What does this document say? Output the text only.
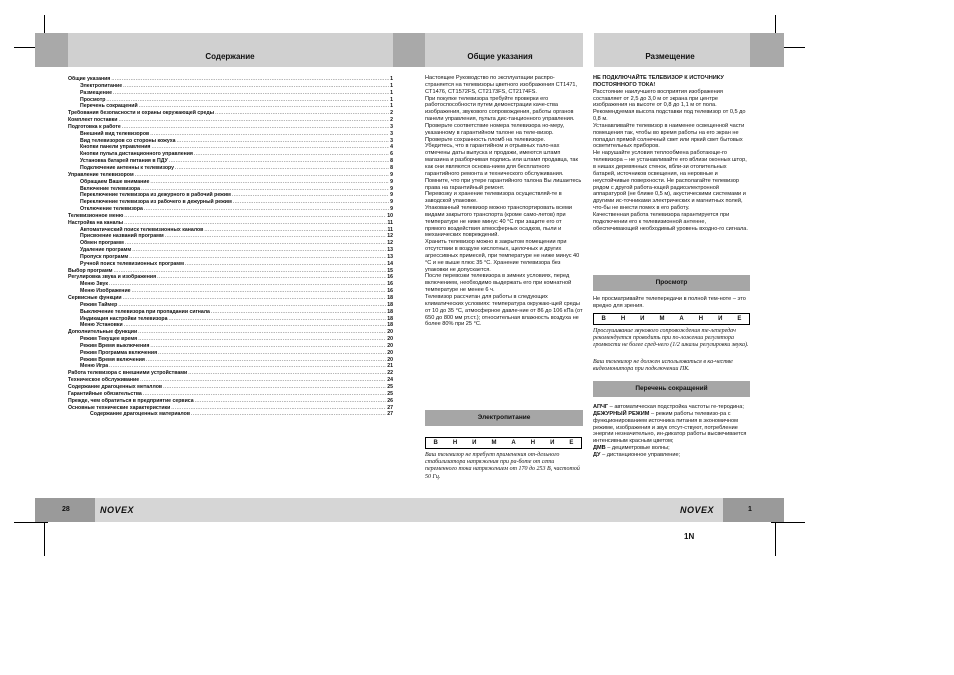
Содержание	Общие указания	Размещение
Общие указания .....	1
Электропитание .....	1
Размещение .....	1
Просмотр .....	1
Перечень сокращений .....	1
Требования безопасности и охраны окружающей среды .....	2
Комплект поставки .....	2
Подготовка к работе .....	3
Внешний вид телевизоров .....	3
Вид телевизоров со стороны кожуха .....	3
Кнопки панели управления .....	4
Кнопки пульта дистанционного управления .....	6
Установка батарей питания в ПДУ .....	8
Подключение антенны к телевизору .....	8
Управление телевизором .....	9
Обращаем Ваше внимание .....	9
Включение телевизора .....	9
Переключение телевизора из дежурного в рабочий режим .....	9
Переключение телевизора из рабочего в дежурный режим .....	9
Отключение телевизора .....	9
Телевизионное меню .....	10
Настройка на каналы .....	11
Автоматический поиск телевизионных каналов .....	11
Присвоение названий программ .....	12
Обмен программ .....	12
Удаление программ .....	13
Пропуск программ .....	13
Ручной поиск телевизионных программ .....	14
Выбор программ .....	15
Регулировка звука и изображения .....	16
Меню Звук .....	16
Меню Изображение .....	16
Сервисные функции .....	18
Режим Таймер .....	18
Выключение телевизора при пропадании сигнала .....	18
Индикация настройки телевизора .....	18
Меню Установки .....	18
Дополнительные функции .....	20
Режим Текущее время .....	20
Режим Время выключения .....	20
Режим Программа включения .....	20
Режим Время включения .....	20
Меню Игра .....	21
Работа телевизора с внешними устройствами .....	22
Техническое обслуживание .....	24
Содержание драгоценных металлов .....	25
Гарантийные обязательства .....	25
Прежде, чем обратиться в предприятие сервиса .....	26
Основные технические характеристики .....	27
Содержание драгоценных материалов .....	27

Настоящее Руководство по эксплуатации распро-страняется на телевизоры цветного изображения CT1471, CT1476, CT1572FS, CT2173FS, CT2174FS.

При покупке телевизора требуйте проверки его работоспособности путем демонстрации каче-ства изображения, звукового сопровождения, работы органов панели управления, пульта дис-танционного управления.

Проверьте соответствие номера телевизора но-меру, указанному в гарантийном талоне на теле-визор.

Проверьте сохранность пломб на телевизоре.

Убедитесь, что в гарантийном и отрывных тало-нах отмечены даты выпуска и продажи, имеются штамп магазина и разборчивая подпись или штамп продавца, так как они являются основа-нием для бесплатного гарантийного ремонта и технического обслуживания.

Помните, что при утере гарантийного талона Вы лишаетесь права на гарантийный ремонт.

Перевозку и хранение телевизора осуществляй-те в заводской упаковке.

Упакованный телевизор можно транспортировать всеми видами закрытого транспорта (кроме само-летов) при температуре не ниже минус 40 °С при защите его от прямого воздействия атмосферных осадков, пыли и механических повреждений.

Хранить телевизор можно в закрытом помещении при отсутствии в воздухе кислотных, щелочных и других агрессивных примесей, при температуре не ниже минус 40 °С и не выше плюс 35 °С. Хранение телевизора без упаковки не допускается.

После перевозки телевизора в зимних условиях, перед включением, необходимо выдержать его при комнатной температуре не менее 6 ч.

Телевизор рассчитан для работы в следующих климатических условиях: температура окружаю-щей среды от 10 до 35 °С, атмосферное давле-ние от 86 до 106 кПа (от 650 до 800 мм рт.ст.); относительная влажность воздуха не более 80% при 25 °С.

Электропитание
В Н И М А Н И Е
Ваш телевизор не требует применения от-дельного стабилизатора напряжения при ра-боте от сети переменного тока напряжением от 170 до 253 В, частотой 50 Гц.

НЕ ПОДКЛЮЧАЙТЕ ТЕЛЕВИЗОР К ИСТОЧНИКУ ПОСТОЯННОГО ТОКА!

Расстояние наилучшего восприятия изображения составляет от 2,5 до 3,0 м от экрана при центре изображения на высоте от 0,8 до 1,1 м от пола. Рекомендуемая высота подставки под телевизор от 0,5 до 0,8 м.

Устанавливайте телевизор в наименее освещенной части помещения так, чтобы во время работы на его экран не попадал прямой солнечный свет или яркий свет бытовых осветительных приборов.

Не нарушайте условия теплообмена работающе-го телевизора – не устанавливайте его вблизи оконных штор, в нишах деревянных стенок, вбли-зи отопительных батарей, источников освещения, на неровные и неустойчивые поверхности. Не располагайте телевизор рядом с другой работа-ющей радиоэлектронной аппаратурой (не ближе 0,5 м), акустическими системами и другими ис-точниками электрических и магнитных полей, что-бы не внести помех в его работу.

Качественная работа телевизора гарантируется при подключении его к телевизионной антенне, обеспечивающей необходимый уровень входно-го сигнала.

Просмотр
Не просматривайте телепередачи в полной тем-ноте – это вредно для зрения.
В Н И М А Н И Е
Прослушивание звукового сопровождения те-лепередач рекомендуется проводить при по-ложении регулятора громкости не более сред-него (1/2 шкалы регулировки звука).
Ваш телевизор не должен использоваться в ка-честве видеомонитора при подключении ПК.
Перечень сокращений

АПЧГ – автоматическая подстройка частоты ге-теродина;

ДЕЖУРНЫЙ РЕЖИМ – режим работы телевизо-ра с функционированием источника питания в экономичном режиме, изображения и звук отсут-ствуют, потребление энергии незначительно, ин-дикатор работы высвечивается интенсивным красным цветом;

ДМВ – дециметровые волны;

ДУ – дистанционное управление;

28	1
NOVEX	NOVEX
1N
